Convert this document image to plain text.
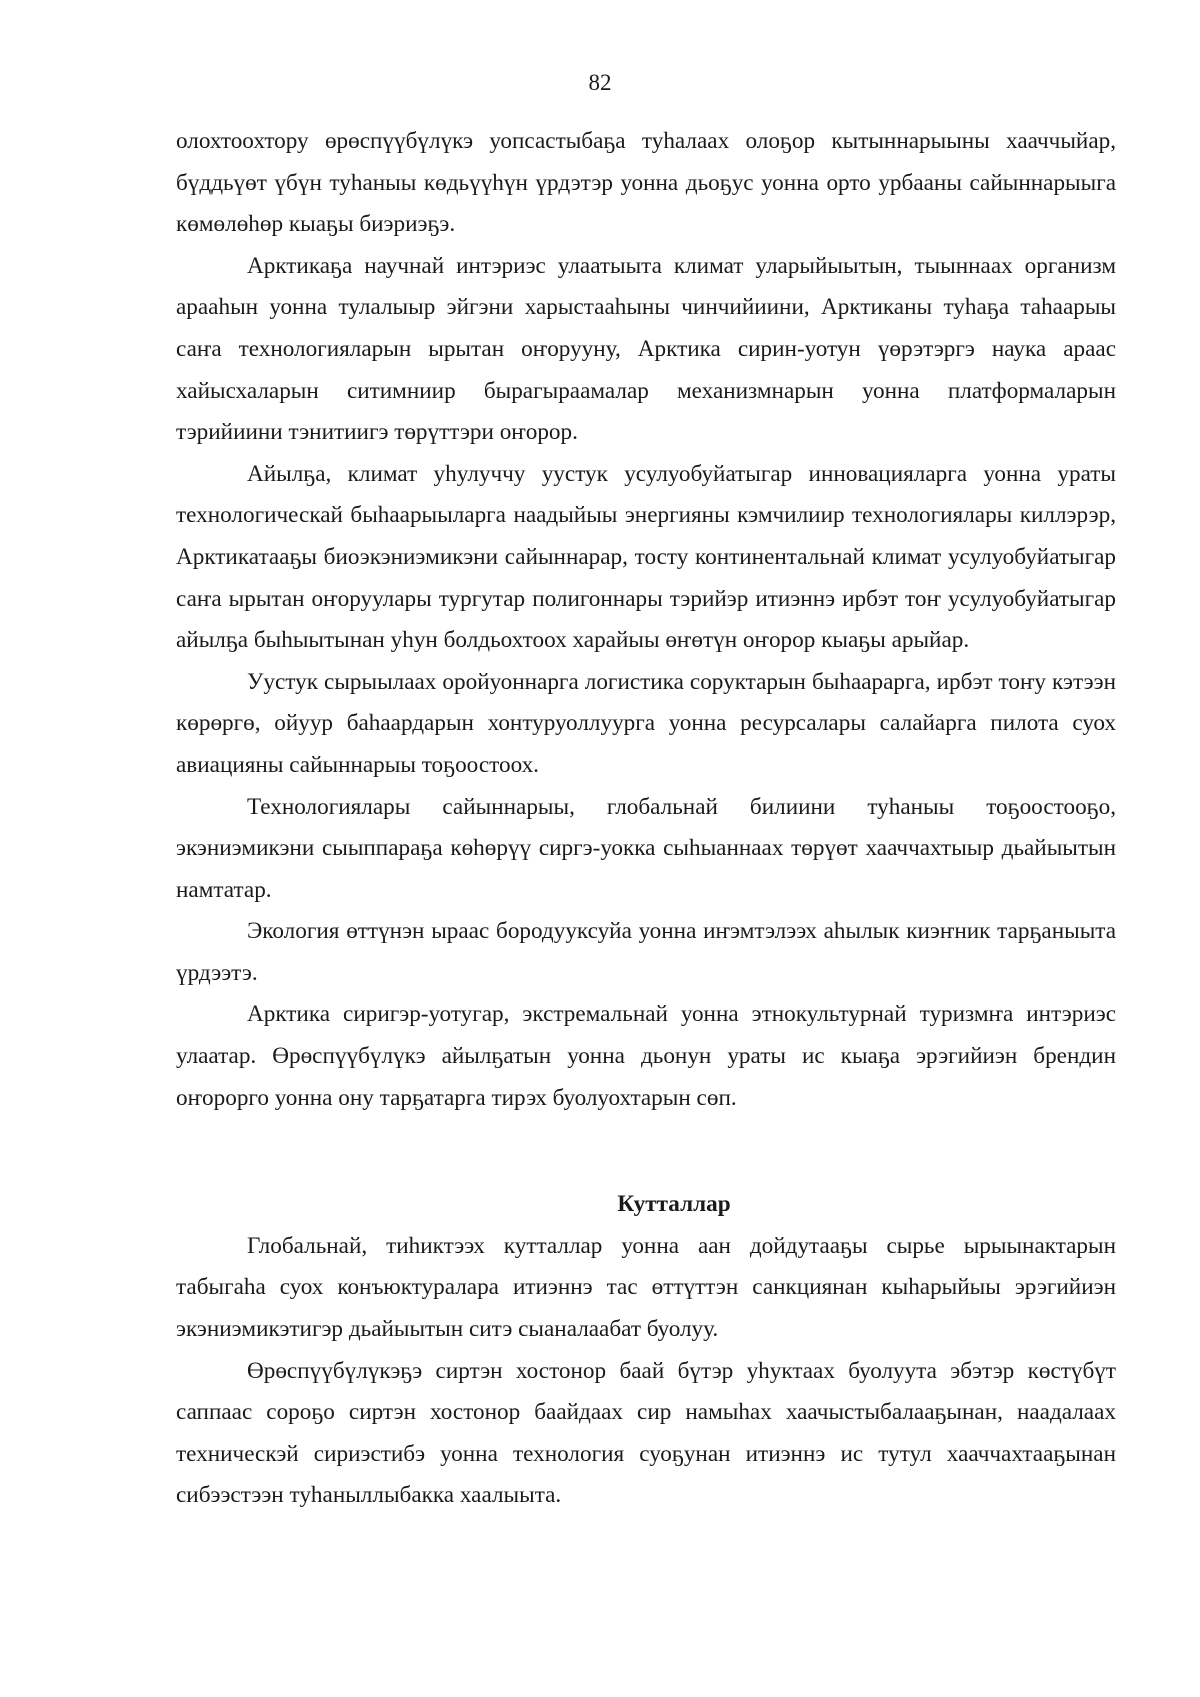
82

олохтоохтору өрөспүүбүлүкэ уопсастыбаҕа туһалаах олоҕор кытыннарыыны хааччыйар, бүддьүөт үбүн туһаныы көдьүүһүн үрдэтэр уонна дьоҕус уонна орто урбааны сайыннарыыга көмөлөһөр кыаҕы биэриэҕэ.

Арктикаҕа научнай интэриэс улаатыыта климат уларыйыытын, тыыннаах организм арааһын уонна тулалыыр эйгэни харыстааһыны чинчийиини, Арктиканы туһаҕа таһаарыы саҥа технологияларын ырытан оҥорууну, Арктика сирин-уотун үөрэтэргэ наука араас хайысхаларын ситимниир бырагыраамалар механизмнарын уонна платформаларын тэрийиини тэнитиигэ төрүттэри оҥорор.

Айылҕа, климат уһулуччу уустук усулуобуйатыгар инновацияларга уонна ураты технологическай быһаарыыларга наадыйыы энергияны кэмчилиир технологиялары киллэрэр, Арктикатааҕы биоэкэниэмикэни сайыннарар, тосту континентальнай климат усулуобуйатыгар саҥа ырытан оҥоруулары тургутар полигоннары тэрийэр итиэннэ ирбэт тоҥ усулуобуйатыгар айылҕа быһыытынан уһун болдьохтоох харайыы өҥөтүн оҥорор кыаҕы арыйар.

Уустук сырыылаах оройуоннарга логистика соруктарын быһаарарга, ирбэт тоҥу кэтээн көрөргө, ойуур баһаардарын хонтуруоллуурга уонна ресурсалары салайарга пилота суох авиацияны сайыннарыы тоҕоостоох.

Технологиялары сайыннарыы, глобальнай билиини туһаныы тоҕоостооҕо, экэниэмикэни сыыппараҕа көһөрүү сиргэ-уокка сыһыаннаах төрүөт хааччахтыыр дьайыытын намтатар.

Экология өттүнэн ыраас бородууксуйа уонна иҥэмтэлээх аһылык киэҥник тарҕаныыта үрдээтэ.

Арктика сиригэр-уотугар, экстремальнай уонна этнокультурнай туризмҥа интэриэс улаатар. Өрөспүүбүлүкэ айылҕатын уонна дьонун ураты ис кыаҕа эрэгийиэн брендин оҥорорго уонна ону тарҕатарга тирэх буолуохтарын сөп.

Кутталлар

Глобальнай, тиһиктээх кутталлар уонна аан дойдутааҕы сырье ырыынактарын табыгаһа суох конъюктуралара итиэннэ тас өттүттэн санкциянан кыһарыйыы эрэгийиэн экэниэмикэтигэр дьайыытын ситэ сыаналаабат буолуу.

Өрөспүүбүлүкэҕэ сиртэн хостонор баай бүтэр уһуктаах буолуута эбэтэр көстүбүт саппаас сороҕо сиртэн хостонор баайдаах сир намыһах хаачыстыбалааҕынан, наадалаах техническэй сириэстибэ уонна технология суоҕунан итиэннэ ис тутул хааччахтааҕынан сибээстээн туһаныллыбакка хаалыыта.
